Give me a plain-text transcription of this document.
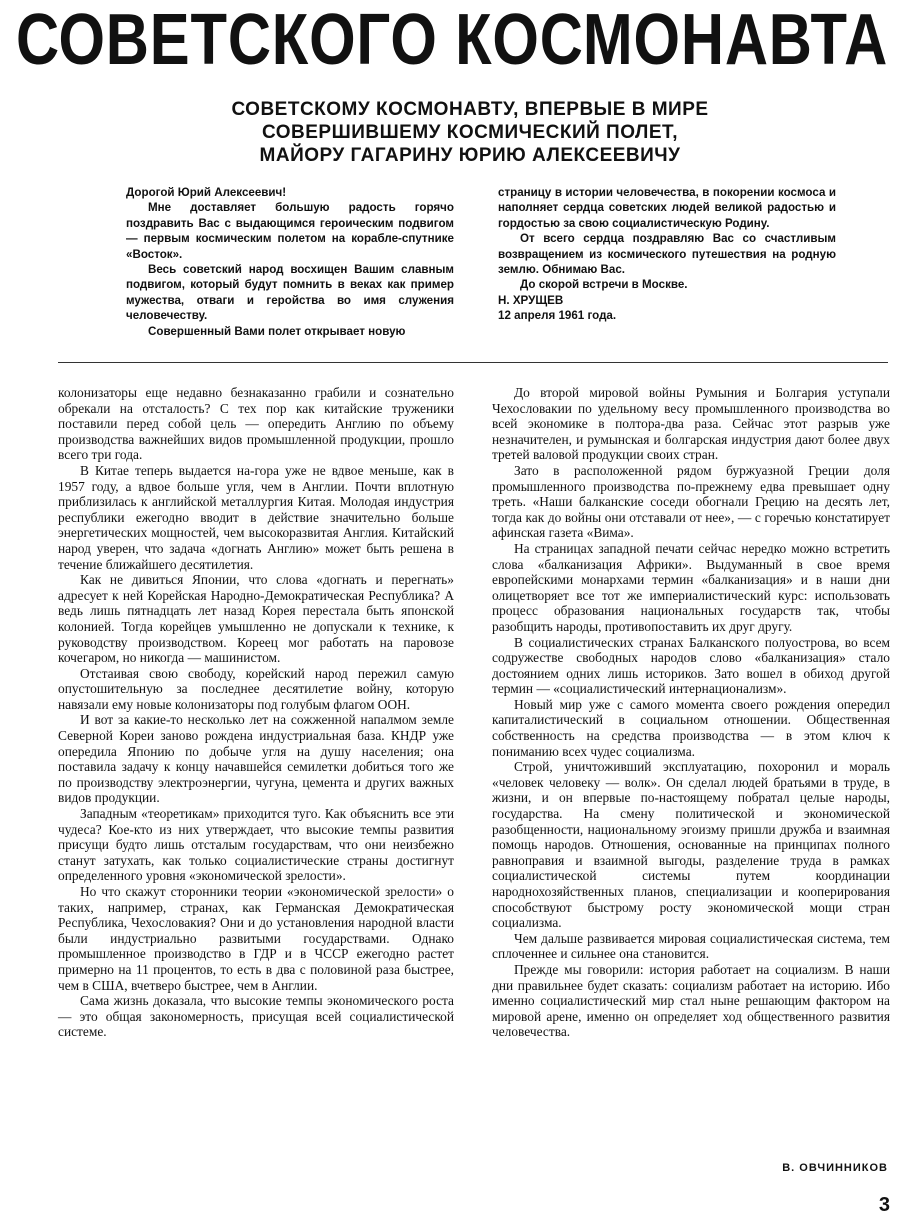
СОВЕТСКОГО КОСМОНАВТА
СОВЕТСКОМУ КОСМОНАВТУ, ВПЕРВЫЕ В МИРЕ
СОВЕРШИВШЕМУ КОСМИЧЕСКИЙ ПОЛЕТ,
МАЙОРУ ГАГАРИНУ ЮРИЮ АЛЕКСЕЕВИЧУ

Дорогой Юрий Алексеевич!

Мне доставляет большую радость горячо поздравить Вас с выдающимся героическим подвигом — первым космическим полетом на корабле-спутнике «Восток».

Весь советский народ восхищен Вашим славным подвигом, который будут помнить в веках как пример мужества, отваги и геройства во имя служения человечеству.

Совершенный Вами полет открывает новую

страницу в истории человечества, в покорении космоса и наполняет сердца советских людей великой радостью и гордостью за свою социалистическую Родину.

От всего сердца поздравляю Вас со счастливым возвращением из космического путешествия на родную землю. Обнимаю Вас.

До скорой встречи в Москве.

Н. ХРУЩЕВ

12 апреля 1961 года.

колонизаторы еще недавно безнаказанно грабили и сознательно обрекали на отсталость? С тех пор как китайские труженики поставили перед собой цель — опередить Англию по объему производства важнейших видов промышленной продукции, прошло всего три года.

В Китае теперь выдается на-гора уже не вдвое меньше, как в 1957 году, а вдвое больше угля, чем в Англии. Почти вплотную приблизилась к английской металлургия Китая. Молодая индустрия республики ежегодно вводит в действие значительно больше энергетических мощностей, чем высокоразвитая Англия. Китайский народ уверен, что задача «догнать Англию» может быть решена в течение ближайшего десятилетия.

Как не дивиться Японии, что слова «догнать и перегнать» адресует к ней Корейская Народно-Демократическая Республика? А ведь лишь пятнадцать лет назад Корея перестала быть японской колонией. Тогда корейцев умышленно не допускали к технике, к руководству производством. Кореец мог работать на паровозе кочегаром, но никогда — машинистом.

Отстаивая свою свободу, корейский народ пережил самую опустошительную за последнее десятилетие войну, которую навязали ему новые колонизаторы под голубым флагом ООН.

И вот за какие-то несколько лет на сожженной напалмом земле Северной Кореи заново рождена индустриальная база. КНДР уже опередила Японию по добыче угля на душу населения; она поставила задачу к концу начавшейся семилетки добиться того же по производству электроэнергии, чугуна, цемента и других важных видов продукции.

Западным «теоретикам» приходится туго. Как объяснить все эти чудеса? Кое-кто из них утверждает, что высокие темпы развития присущи будто лишь отсталым государствам, что они неизбежно станут затухать, как только социалистические страны достигнут определенного уровня «экономической зрелости».

Но что скажут сторонники теории «экономической зрелости» о таких, например, странах, как Германская Демократическая Республика, Чехословакия? Они и до установления народной власти были индустриально развитыми государствами. Однако промышленное производство в ГДР и в ЧССР ежегодно растет примерно на 11 процентов, то есть в два с половиной раза быстрее, чем в США, вчетверо быстрее, чем в Англии.

Сама жизнь доказала, что высокие темпы экономического роста — это общая закономерность, присущая всей социалистической системе.

До второй мировой войны Румыния и Болгария уступали Чехословакии по удельному весу промышленного производства во всей экономике в полтора-два раза. Сейчас этот разрыв уже незначителен, и румынская и болгарская индустрия дают более двух третей валовой продукции своих стран.

Зато в расположенной рядом буржуазной Греции доля промышленного производства по-прежнему едва превышает одну треть. «Наши балканские соседи обогнали Грецию на десять лет, тогда как до войны они отставали от нее», — с горечью констатирует афинская газета «Вима».

На страницах западной печати сейчас нередко можно встретить слова «балканизация Африки». Выдуманный в свое время европейскими монархами термин «балканизация» и в наши дни олицетворяет все тот же империалистический курс: использовать процесс образования национальных государств так, чтобы разобщить народы, противопоставить их друг другу.

В социалистических странах Балканского полуострова, во всем содружестве свободных народов слово «балканизация» стало достоянием одних лишь историков. Зато вошел в обиход другой термин — «социалистический интернационализм».

Новый мир уже с самого момента своего рождения опередил капиталистический в социальном отношении. Общественная собственность на средства производства — в этом ключ к пониманию всех чудес социализма.

Строй, уничтоживший эксплуатацию, похоронил и мораль «человек человеку — волк». Он сделал людей братьями в труде, в жизни, и он впервые по-настоящему побратал целые народы, государства. На смену политической и экономической разобщенности, национальному эгоизму пришли дружба и взаимная помощь народов. Отношения, основанные на принципах полного равноправия и взаимной выгоды, разделение труда в рамках социалистической системы путем координации народнохозяйственных планов, специализации и кооперирования способствуют быстрому росту экономической мощи стран социализма.

Чем дальше развивается мировая социалистическая система, тем сплоченнее и сильнее она становится.

Прежде мы говорили: история работает на социализм. В наши дни правильнее будет сказать: социализм работает на историю. Ибо именно социалистический мир стал ныне решающим фактором на мировой арене, именно он определяет ход общественного развития человечества.

В. ОВЧИННИКОВ
3
